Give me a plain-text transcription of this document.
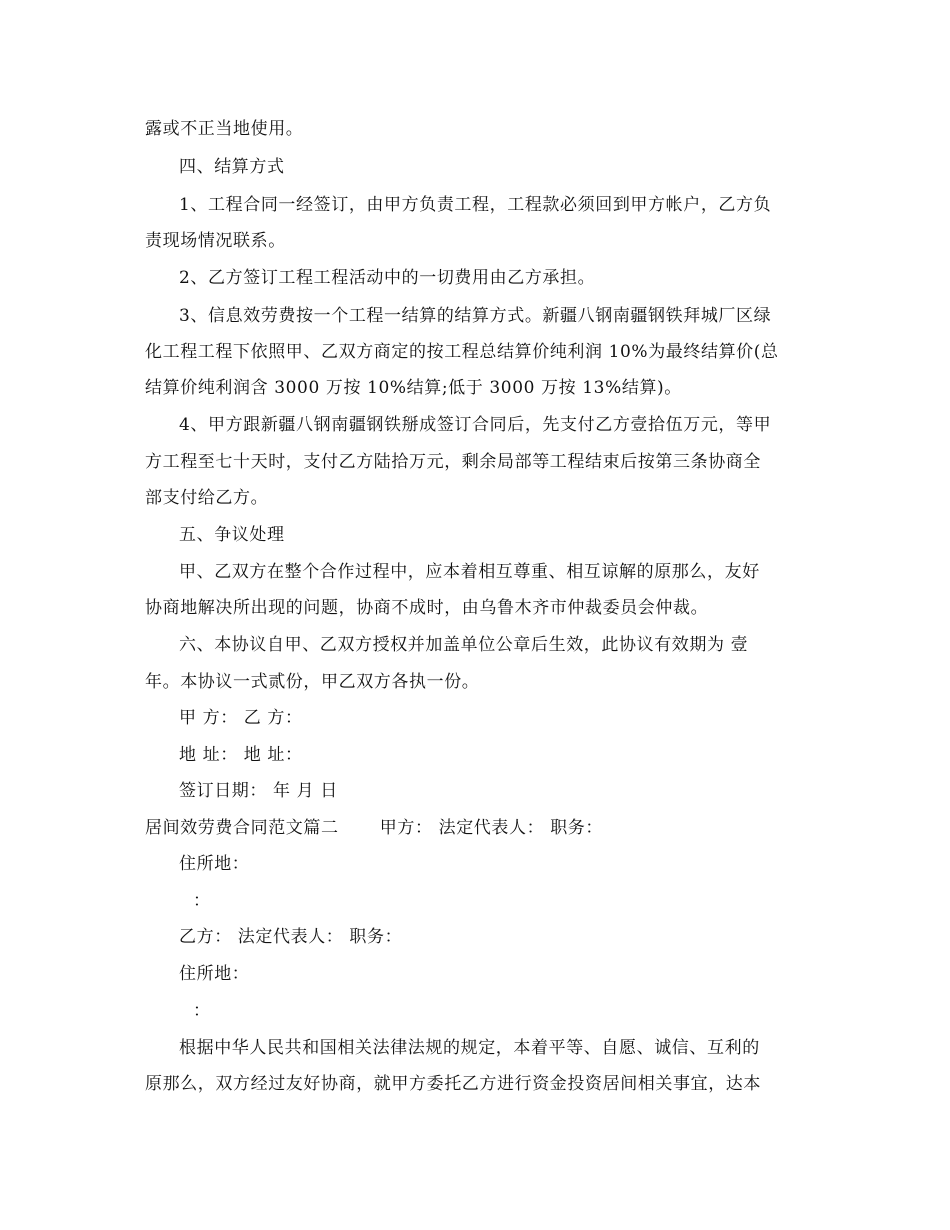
露或不正当地使用。
四、结算方式
1、工程合同一经签订，由甲方负责工程，工程款必须回到甲方帐户，乙方负
责现场情况联系。
2、乙方签订工程工程活动中的一切费用由乙方承担。
3、信息效劳费按一个工程一结算的结算方式。新疆八钢南疆钢铁拜城厂区绿
化工程工程下依照甲、乙双方商定的按工程总结算价纯利润 10%为最终结算价(总
结算价纯利润含 3000 万按 10%结算;低于 3000 万按 13%结算)。
4、甲方跟新疆八钢南疆钢铁掰成签订合同后，先支付乙方壹拾伍万元，等甲
方工程至七十天时，支付乙方陆拾万元，剩余局部等工程结束后按第三条协商全
部支付给乙方。
五、争议处理
甲、乙双方在整个合作过程中，应本着相互尊重、相互谅解的原那么，友好
协商地解决所出现的问题，协商不成时，由乌鲁木齐市仲裁委员会仲裁。
六、本协议自甲、乙双方授权并加盖单位公章后生效，此协议有效期为 壹
年。本协议一式贰份，甲乙双方各执一份。
甲 方： 乙 方：
地 址： 地 址：
签订日期： 年 月 日
居间效劳费合同范文篇二　　 甲方： 法定代表人： 职务：
住所地：
：
乙方： 法定代表人： 职务：
住所地：
：
根据中华人民共和国相关法律法规的规定，本着平等、自愿、诚信、互利的
原那么，双方经过友好协商，就甲方委托乙方进行资金投资居间相关事宜，达本
